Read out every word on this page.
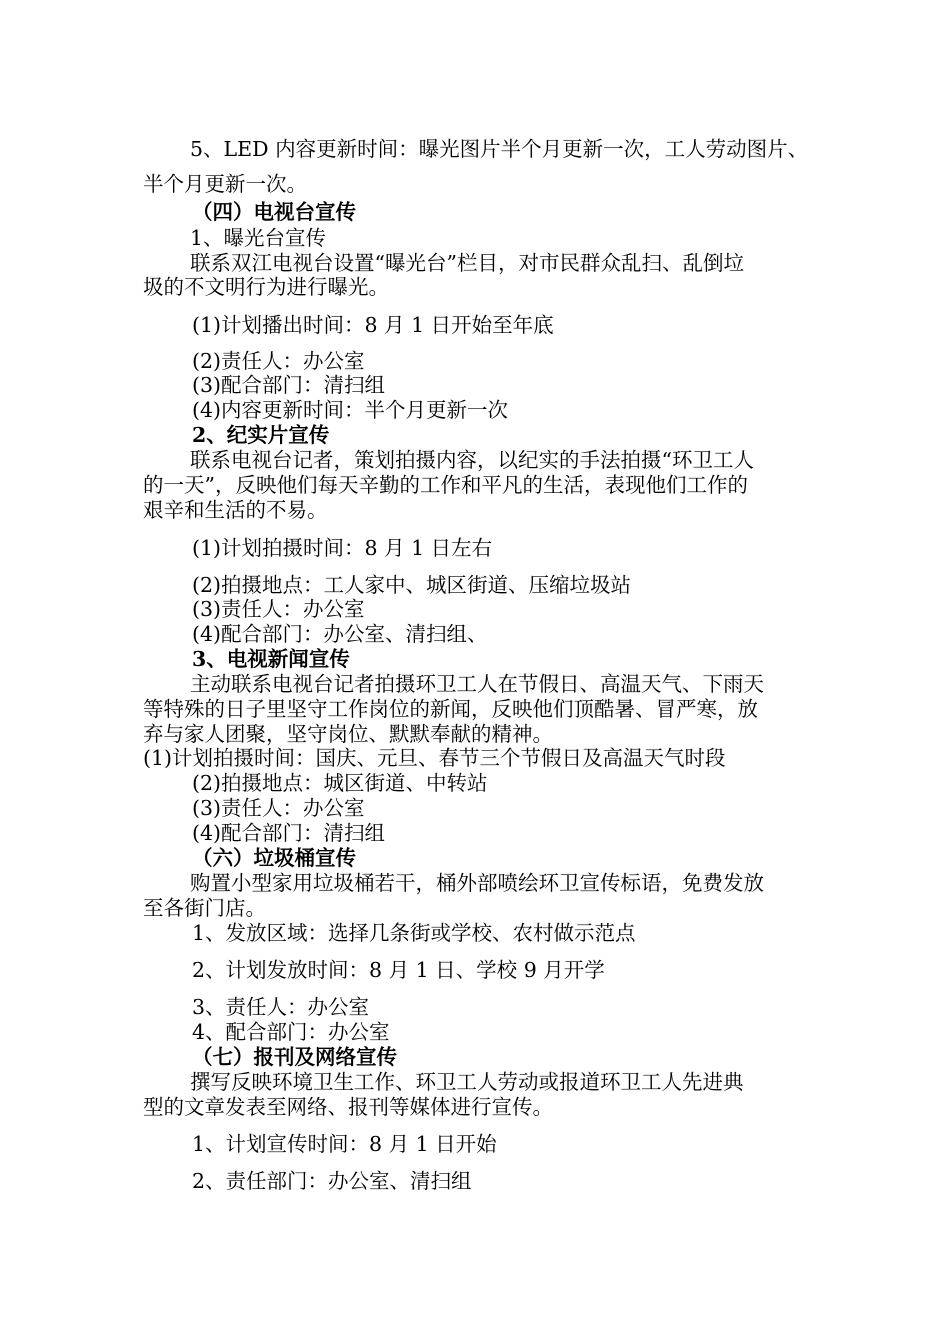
5、LED 内容更新时间：曝光图片半个月更新一次，工人劳动图片、
半个月更新一次。
（四）电视台宣传
1、曝光台宣传
联系双江电视台设置“曝光台”栏目，对市民群众乱扫、乱倒垃
圾的不文明行为进行曝光。
(1)计划播出时间：8 月 1 日开始至年底
(2)责任人：办公室
(3)配合部门：清扫组
(4)内容更新时间：半个月更新一次
2、纪实片宣传
联系电视台记者，策划拍摄内容，以纪实的手法拍摄“环卫工人
的一天”，反映他们每天辛勤的工作和平凡的生活，表现他们工作的
艰辛和生活的不易。
(1)计划拍摄时间：8 月 1 日左右
(2)拍摄地点：工人家中、城区街道、压缩垃圾站
(3)责任人：办公室
(4)配合部门：办公室、清扫组、
3、电视新闻宣传
主动联系电视台记者拍摄环卫工人在节假日、高温天气、下雨天
等特殊的日子里坚守工作岗位的新闻，反映他们顶酷暑、冒严寒，放
弃与家人团聚，坚守岗位、默默奉献的精神。
(1)计划拍摄时间：国庆、元旦、春节三个节假日及高温天气时段
(2)拍摄地点：城区街道、中转站
(3)责任人：办公室
(4)配合部门：清扫组
（六）垃圾桶宣传
购置小型家用垃圾桶若干，桶外部喷绘环卫宣传标语，免费发放
至各街门店。
1、发放区域：选择几条街或学校、农村做示范点
2、计划发放时间：8 月 1 日、学校 9 月开学
3、责任人：办公室
4、配合部门：办公室
（七）报刊及网络宣传
撰写反映环境卫生工作、环卫工人劳动或报道环卫工人先进典
型的文章发表至网络、报刊等媒体进行宣传。
1、计划宣传时间：8 月 1 日开始
2、责任部门：办公室、清扫组
